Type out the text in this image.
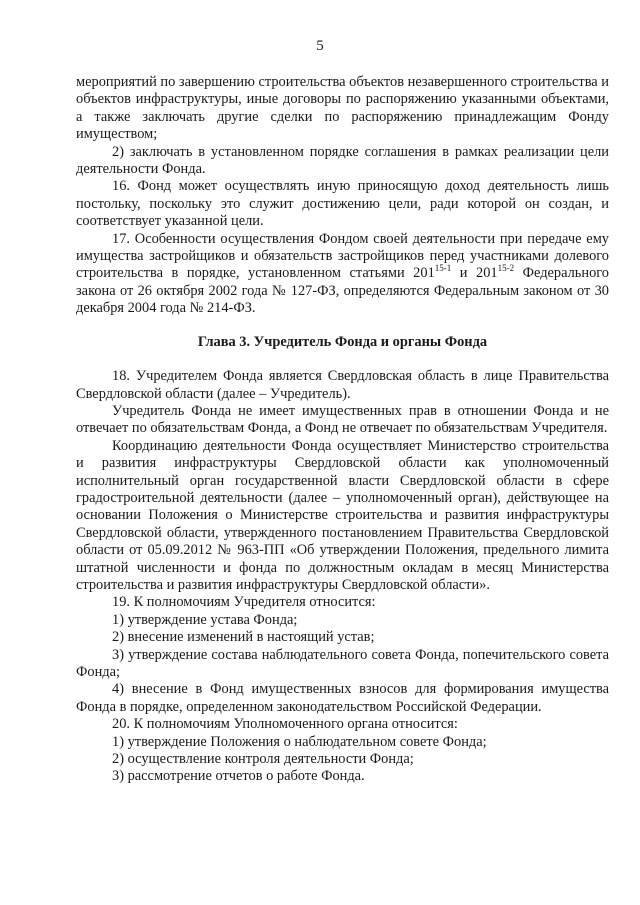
5

мероприятий по завершению строительства объектов незавершенного строительства и объектов инфраструктуры, иные договоры по распоряжению указанными объектами, а также заключать другие сделки по распоряжению принадлежащим Фонду имуществом;

2) заключать в установленном порядке соглашения в рамках реализации цели деятельности Фонда.

16. Фонд может осуществлять иную приносящую доход деятельность лишь постольку, поскольку это служит достижению цели, ради которой он создан, и соответствует указанной цели.

17. Особенности осуществления Фондом своей деятельности при передаче ему имущества застройщиков и обязательств застройщиков перед участниками долевого строительства в порядке, установленном статьями 201$^{15-1}$ и 201$^{15-2}$ Федерального закона от 26 октября 2002 года № 127-ФЗ, определяются Федеральным законом от 30 декабря 2004 года № 214-ФЗ.

Глава 3. Учредитель Фонда и органы Фонда

18. Учредителем Фонда является Свердловская область в лице Правительства Свердловской области (далее – Учредитель).

Учредитель Фонда не имеет имущественных прав в отношении Фонда и не отвечает по обязательствам Фонда, а Фонд не отвечает по обязательствам Учредителя.

Координацию деятельности Фонда осуществляет Министерство строительства и развития инфраструктуры Свердловской области как уполномоченный исполнительный орган государственной власти Свердловской области в сфере градостроительной деятельности (далее – уполномоченный орган), действующее на основании Положения о Министерстве строительства и развития инфраструктуры Свердловской области, утвержденного постановлением Правительства Свердловской области от 05.09.2012 № 963-ПП «Об утверждении Положения, предельного лимита штатной численности и фонда по должностным окладам в месяц Министерства строительства и развития инфраструктуры Свердловской области».

19. К полномочиям Учредителя относится:

1) утверждение устава Фонда;

2) внесение изменений в настоящий устав;

3) утверждение состава наблюдательного совета Фонда, попечительского совета Фонда;

4) внесение в Фонд имущественных взносов для формирования имущества Фонда в порядке, определенном законодательством Российской Федерации.

20. К полномочиям Уполномоченного органа относится:

1) утверждение Положения о наблюдательном совете Фонда;

2) осуществление контроля деятельности Фонда;

3) рассмотрение отчетов о работе Фонда.
